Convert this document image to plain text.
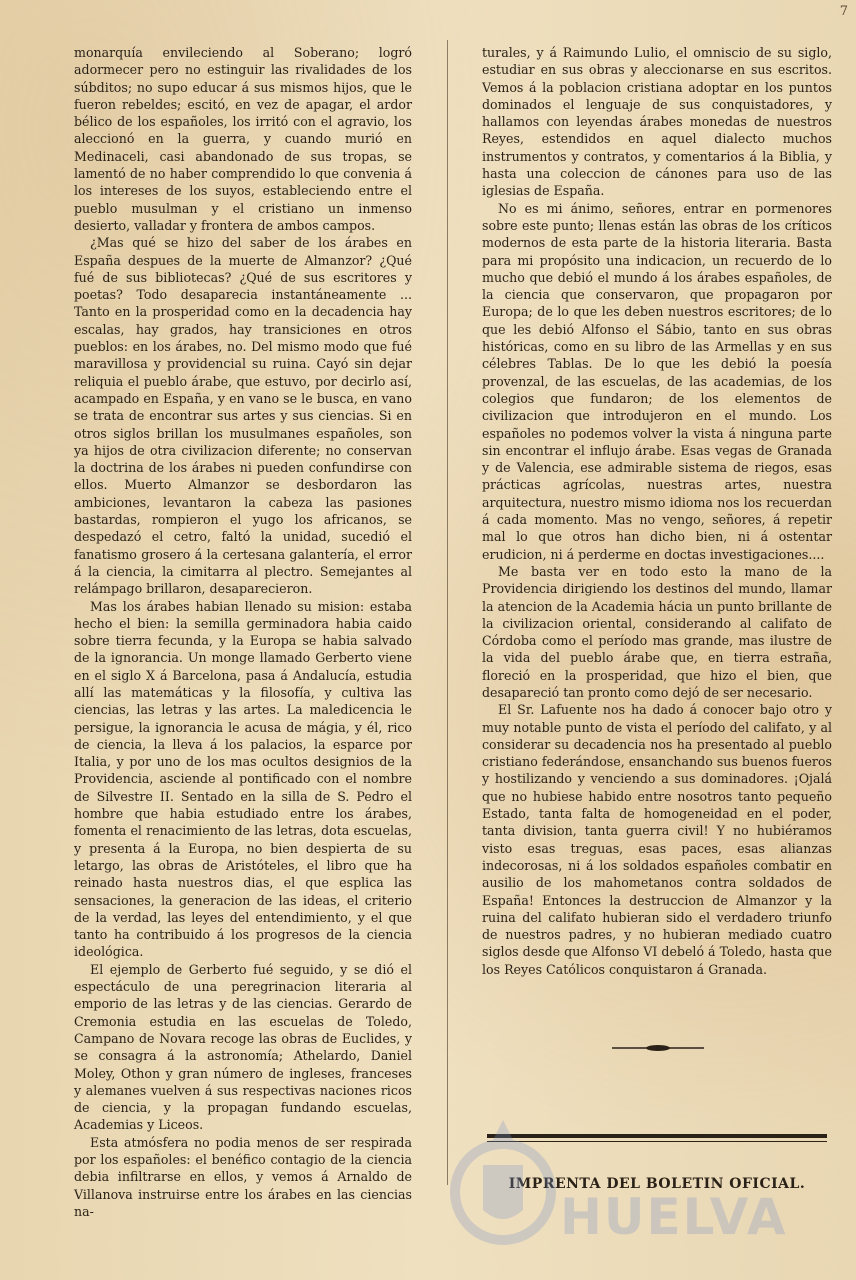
7

monarquía envileciendo al Soberano; logró adormecer pero no estinguir las rivalidades de los súbditos; no supo educar á sus mismos hijos, que le fueron rebeldes; escitó, en vez de apagar, el ardor bélico de los españoles, los irritó con el agravio, los aleccionó en la guerra, y cuando murió en Medinaceli, casi abandonado de sus tropas, se lamentó de no haber comprendido lo que convenia á los intereses de los suyos, estableciendo entre el pueblo musulman y el cristiano un inmenso desierto, valladar y frontera de ambos campos.

¿Mas qué se hizo del saber de los árabes en España despues de la muerte de Almanzor? ¿Qué fué de sus bibliotecas? ¿Qué de sus escritores y poetas? Todo desaparecia instantáneamente ... Tanto en la prosperidad como en la decadencia hay escalas, hay grados, hay transiciones en otros pueblos: en los árabes, no. Del mismo modo que fué maravillosa y providencial su ruina. Cayó sin dejar reliquia el pueblo árabe, que estuvo, por decirlo así, acampado en España, y en vano se le busca, en vano se trata de encontrar sus artes y sus ciencias. Si en otros siglos brillan los musulmanes españoles, son ya hijos de otra civilizacion diferente; no conservan la doctrina de los árabes ni pueden confundirse con ellos. Muerto Almanzor se desbordaron las ambiciones, levantaron la cabeza las pasiones bastardas, rompieron el yugo los africanos, se despedazó el cetro, faltó la unidad, sucedió el fanatismo grosero á la certesana galantería, el error á la ciencia, la cimitarra al plectro. Semejantes al relámpago brillaron, desaparecieron.

Mas los árabes habian llenado su mision: estaba hecho el bien: la semilla germinadora habia caido sobre tierra fecunda, y la Europa se habia salvado de la ignorancia. Un monge llamado Gerberto viene en el siglo X á Barcelona, pasa á Andalucía, estudia allí las matemáticas y la filosofía, y cultiva las ciencias, las letras y las artes. La maledicencia le persigue, la ignorancia le acusa de mágia, y él, rico de ciencia, la lleva á los palacios, la esparce por Italia, y por uno de los mas ocultos designios de la Providencia, asciende al pontificado con el nombre de Silvestre II. Sentado en la silla de S. Pedro el hombre que habia estudiado entre los árabes, fomenta el renacimiento de las letras, dota escuelas, y presenta á la Europa, no bien despierta de su letargo, las obras de Aristóteles, el libro que ha reinado hasta nuestros dias, el que esplica las sensaciones, la generacion de las ideas, el criterio de la verdad, las leyes del entendimiento, y el que tanto ha contribuido á los progresos de la ciencia ideológica.

El ejemplo de Gerberto fué seguido, y se dió el espectáculo de una peregrinacion literaria al emporio de las letras y de las ciencias. Gerardo de Cremonia estudia en las escuelas de Toledo, Campano de Novara recoge las obras de Euclides, y se consagra á la astronomía; Athelardo, Daniel Moley, Othon y gran número de ingleses, franceses y alemanes vuelven á sus respectivas naciones ricos de ciencia, y la propagan fundando escuelas, Academias y Liceos.

Esta atmósfera no podia menos de ser respirada por los españoles: el benéfico contagio de la ciencia debia infiltrarse en ellos, y vemos á Arnaldo de Villanova instruirse entre los árabes en las ciencias na-

turales, y á Raimundo Lulio, el omniscio de su siglo, estudiar en sus obras y aleccionarse en sus escritos. Vemos á la poblacion cristiana adoptar en los puntos dominados el lenguaje de sus conquistadores, y hallamos con leyendas árabes monedas de nuestros Reyes, estendidos en aquel dialecto muchos instrumentos y contratos, y comentarios á la Biblia, y hasta una coleccion de cánones para uso de las iglesias de España.

No es mi ánimo, señores, entrar en pormenores sobre este punto; llenas están las obras de los críticos modernos de esta parte de la historia literaria. Basta para mi propósito una indicacion, un recuerdo de lo mucho que debió el mundo á los árabes españoles, de la ciencia que conservaron, que propagaron por Europa; de lo que les deben nuestros escritores; de lo que les debió Alfonso el Sábio, tanto en sus obras históricas, como en su libro de las Armellas y en sus célebres Tablas. De lo que les debió la poesía provenzal, de las escuelas, de las academias, de los colegios que fundaron; de los elementos de civilizacion que introdujeron en el mundo. Los españoles no podemos volver la vista á ninguna parte sin encontrar el influjo árabe. Esas vegas de Granada y de Valencia, ese admirable sistema de riegos, esas prácticas agrícolas, nuestras artes, nuestra arquitectura, nuestro mismo idioma nos los recuerdan á cada momento. Mas no vengo, señores, á repetir mal lo que otros han dicho bien, ni á ostentar erudicion, ni á perderme en doctas investigaciones....

Me basta ver en todo esto la mano de la Providencia dirigiendo los destinos del mundo, llamar la atencion de la Academia hácia un punto brillante de la civilizacion oriental, considerando al califato de Córdoba como el período mas grande, mas ilustre de la vida del pueblo árabe que, en tierra estraña, floreció en la prosperidad, que hizo el bien, que desapareció tan pronto como dejó de ser necesario.

El Sr. Lafuente nos ha dado á conocer bajo otro y muy notable punto de vista el período del califato, y al considerar su decadencia nos ha presentado al pueblo cristiano federándose, ensanchando sus buenos fueros y hostilizando y venciendo a sus dominadores. ¡Ojalá que no hubiese habido entre nosotros tanto pequeño Estado, tanta falta de homogeneidad en el poder, tanta division, tanta guerra civil! Y no hubiéramos visto esas treguas, esas paces, esas alianzas indecorosas, ni á los soldados españoles combatir en ausilio de los mahometanos contra soldados de España! Entonces la destruccion de Almanzor y la ruina del califato hubieran sido el verdadero triunfo de nuestros padres, y no hubieran mediado cuatro siglos desde que Alfonso VI debeló á Toledo, hasta que los Reyes Católicos conquistaron á Granada.

IMPRENTA DEL BOLETIN OFICIAL.
HUELVA
